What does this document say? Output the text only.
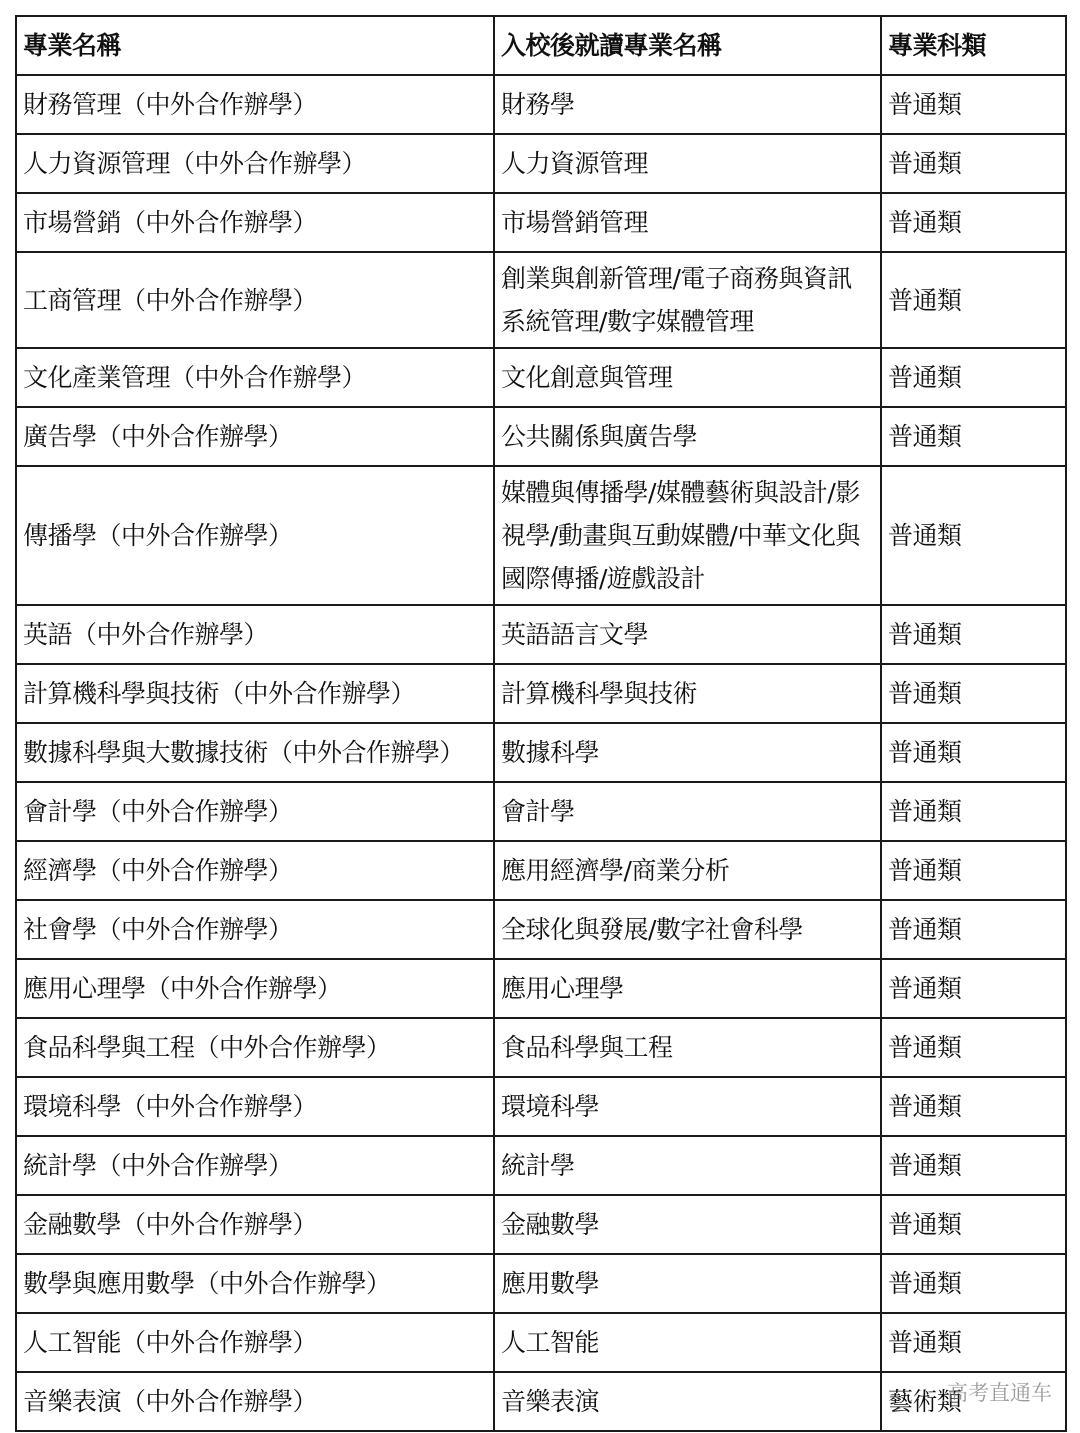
專業名稱	入校後就讀專業名稱	專業科類
財務管理（中外合作辦學）	財務學	普通類
人力資源管理（中外合作辦學）	人力資源管理	普通類
市場營銷（中外合作辦學）	市場營銷管理	普通類
工商管理（中外合作辦學）	創業與創新管理/電子商務與資訊系統管理/數字媒體管理	普通類
文化產業管理（中外合作辦學）	文化創意與管理	普通類
廣告學（中外合作辦學）	公共關係與廣告學	普通類
傳播學（中外合作辦學）	媒體與傳播學/媒體藝術與設計/影視學/動畫與互動媒體/中華文化與國際傳播/遊戲設計	普通類
英語（中外合作辦學）	英語語言文學	普通類
計算機科學與技術（中外合作辦學）	計算機科學與技術	普通類
數據科學與大數據技術（中外合作辦學）	數據科學	普通類
會計學（中外合作辦學）	會計學	普通類
經濟學（中外合作辦學）	應用經濟學/商業分析	普通類
社會學（中外合作辦學）	全球化與發展/數字社會科學	普通類
應用心理學（中外合作辦學）	應用心理學	普通類
食品科學與工程（中外合作辦學）	食品科學與工程	普通類
環境科學（中外合作辦學）	環境科學	普通類
統計學（中外合作辦學）	統計學	普通類
金融數學（中外合作辦學）	金融數學	普通類
數學與應用數學（中外合作辦學）	應用數學	普通類
人工智能（中外合作辦學）	人工智能	普通類
音樂表演（中外合作辦學）	音樂表演	藝術類
高考直通车
